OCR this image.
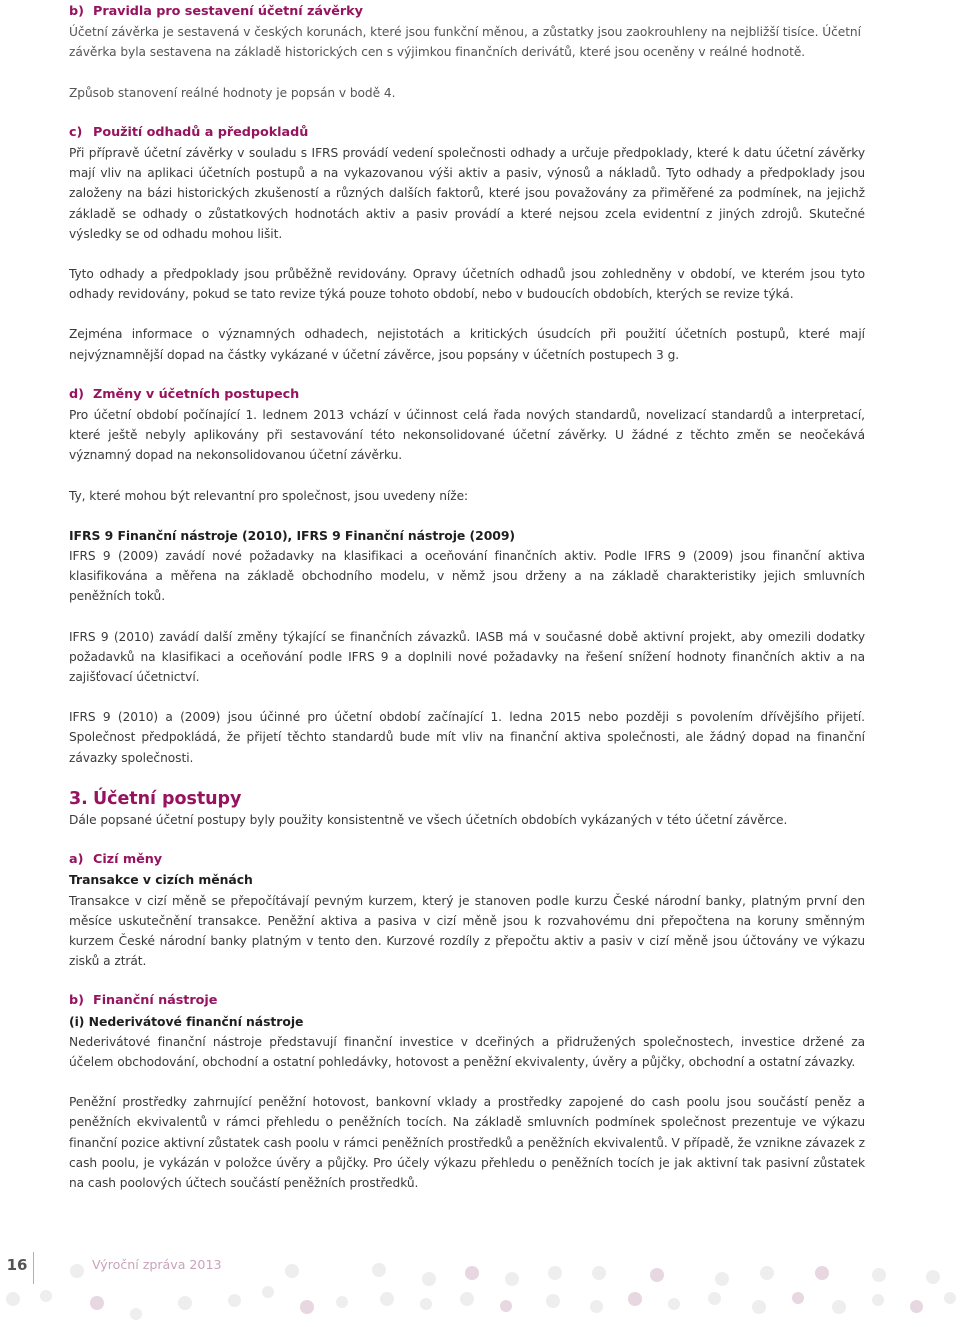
b) Pravidla pro sestavení účetní závěrky

Účetní závěrka je sestavená v českých korunách, které jsou funkční měnou, a zůstatky jsou zaokrouhleny na nejbližší tisíce. Účetní závěrka byla sestavena na základě historických cen s výjimkou finančních derivátů, které jsou oceněny v reálné hodnotě.

Způsob stanovení reálné hodnoty je popsán v bodě 4.

c) Použití odhadů a předpokladů

Při přípravě účetní závěrky v souladu s IFRS provádí vedení společnosti odhady a určuje předpoklady, které k datu účetní závěrky mají vliv na aplikaci účetních postupů a na vykazovanou výši aktiv a pasiv, výnosů a nákladů. Tyto odhady a předpoklady jsou založeny na bázi historických zkušeností a různých dalších faktorů, které jsou považovány za přiměřené za podmínek, na jejichž základě se odhady o zůstatkových hodnotách aktiv a pasiv provádí a které nejsou zcela evidentní z jiných zdrojů. Skutečné výsledky se od odhadu mohou lišit.

Tyto odhady a předpoklady jsou průběžně revidovány. Opravy účetních odhadů jsou zohledněny v období, ve kterém jsou tyto odhady revidovány, pokud se tato revize týká pouze tohoto období, nebo v budoucích obdobích, kterých se revize týká.

Zejména informace o významných odhadech, nejistotách a kritických úsudcích při použití účetních postupů, které mají nejvýznamnější dopad na částky vykázané v účetní závěrce, jsou popsány v účetních postupech 3 g.

d) Změny v účetních postupech

Pro účetní období počínající 1. lednem 2013 vchází v účinnost celá řada nových standardů, novelizací standardů a interpretací, které ještě nebyly aplikovány při sestavování této nekonsolidované účetní závěrky. U žádné z těchto změn se neočekává významný dopad na nekonsolidovanou účetní závěrku.

Ty, které mohou být relevantní pro společnost, jsou uvedeny níže:

IFRS 9 Finanční nástroje (2010), IFRS 9 Finanční nástroje (2009)

IFRS 9 (2009) zavádí nové požadavky na klasifikaci a oceňování finančních aktiv. Podle IFRS 9 (2009) jsou finanční aktiva klasifikována a měřena na základě obchodního modelu, v němž jsou drženy a na základě charakteristiky jejich smluvních peněžních toků.

IFRS 9 (2010) zavádí další změny týkající se finančních závazků. IASB má v současné době aktivní projekt, aby omezili dodatky požadavků na klasifikaci a oceňování podle IFRS 9 a doplnili nové požadavky na řešení snížení hodnoty finančních aktiv a na zajišťovací účetnictví.

IFRS 9 (2010) a (2009) jsou účinné pro účetní období začínající 1. ledna 2015 nebo později s povolením dřívějšího přijetí. Společnost předpokládá, že přijetí těchto standardů bude mít vliv na finanční aktiva společnosti, ale žádný dopad na finanční závazky společnosti.

3. Účetní postupy

Dále popsané účetní postupy byly použity konsistentně ve všech účetních obdobích vykázaných v této účetní závěrce.

a) Cizí měny

Transakce v cizích měnách

Transakce v cizí měně se přepočítávají pevným kurzem, který je stanoven podle kurzu České národní banky, platným první den měsíce uskutečnění transakce. Peněžní aktiva a pasiva v cizí měně jsou k rozvahovému dni přepočtena na koruny směnným kurzem České národní banky platným v tento den. Kurzové rozdíly z přepočtu aktiv a pasiv v cizí měně jsou účtovány ve výkazu zisků a ztrát.

b) Finanční nástroje

(i) Nederivátové finanční nástroje

Nederivátové finanční nástroje představují finanční investice v dceřiných a přidružených společnostech, investice držené za účelem obchodování, obchodní a ostatní pohledávky, hotovost a peněžní ekvivalenty, úvěry a půjčky, obchodní a ostatní závazky.

Peněžní prostředky zahrnující peněžní hotovost, bankovní vklady a prostředky zapojené do cash poolu jsou součástí peněz a peněžních ekvivalentů v rámci přehledu o peněžních tocích. Na základě smluvních podmínek společnost prezentuje ve výkazu finanční pozice aktivní zůstatek cash poolu v rámci peněžních prostředků a peněžních ekvivalentů. V případě, že vznikne závazek z cash poolu, je vykázán v položce úvěry a půjčky. Pro účely výkazu přehledu o peněžních tocích je jak aktivní tak pasivní zůstatek na cash poolových účtech součástí peněžních prostředků.

16	Výroční zpráva 2013
